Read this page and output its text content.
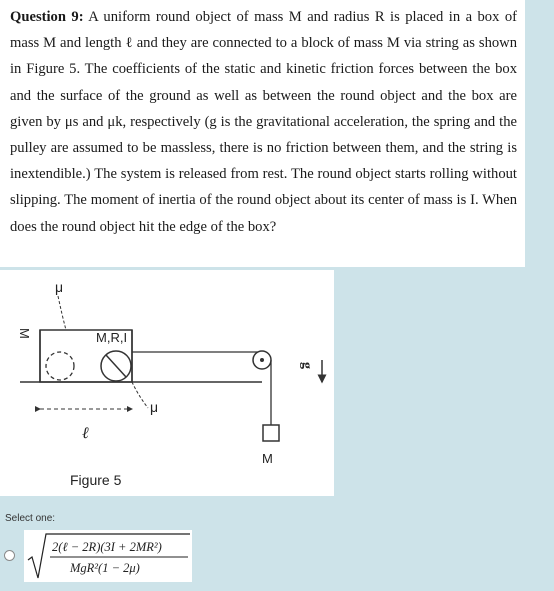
Question 9: A uniform round object of mass M and radius R is placed in a box of mass M and length ℓ and they are connected to a block of mass M via string as shown in Figure 5. The coefficients of the static and kinetic friction forces between the box and the surface of the ground as well as between the round object and the box are given by μs and μk, respectively (g is the gravitational acceleration, the spring and the pulley are assumed to be massless, there is no friction between them, and the string is inextendible.) The system is released from rest. The round object starts rolling without slipping. The moment of inertia of the round object about its center of mass is I. When does the round object hit the edge of the box?
μ
M	M,R,I
ℓ
μ
g
M
Figure 5
Select one:
2(ℓ − 2R)(3I + 2MR²)
MgR²(1 − 2μ)
